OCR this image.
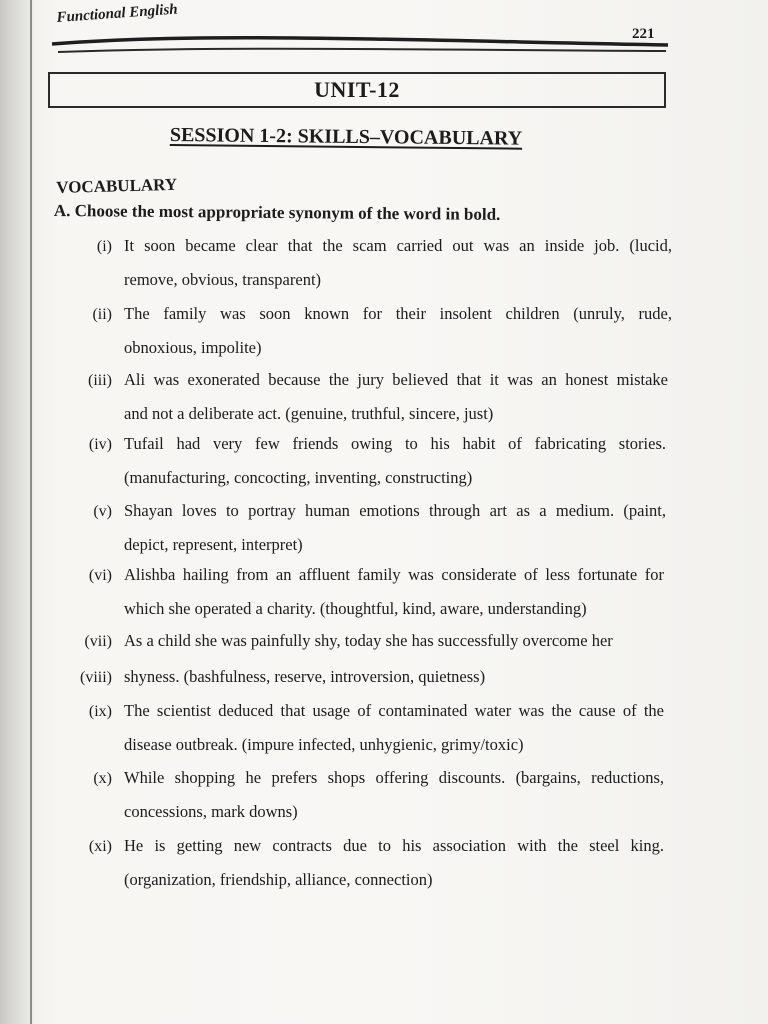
Functional English
221
UNIT-12
SESSION 1-2: SKILLS–VOCABULARY
VOCABULARY
A. Choose the most appropriate synonym of the word in bold.
(i) It soon became clear that the scam carried out was an inside job. (lucid,
remove, obvious, transparent)
(ii) The family was soon known for their insolent children (unruly, rude,
obnoxious, impolite)
(iii) Ali was exonerated because the jury believed that it was an honest mistake
and not a deliberate act. (genuine, truthful, sincere, just)
(iv) Tufail had very few friends owing to his habit of fabricating stories.
(manufacturing, concocting, inventing, constructing)
(v) Shayan loves to portray human emotions through art as a medium. (paint,
depict, represent, interpret)
(vi) Alishba hailing from an affluent family was considerate of less fortunate for
which she operated a charity. (thoughtful, kind, aware, understanding)
(vii) As a child she was painfully shy, today she has successfully overcome her
(viii) shyness. (bashfulness, reserve, introversion, quietness)
(ix) The scientist deduced that usage of contaminated water was the cause of the
disease outbreak. (impure infected, unhygienic, grimy/toxic)
(x) While shopping he prefers shops offering discounts. (bargains, reductions,
concessions, mark downs)
(xi) He is getting new contracts due to his association with the steel king.
(organization, friendship, alliance, connection)
